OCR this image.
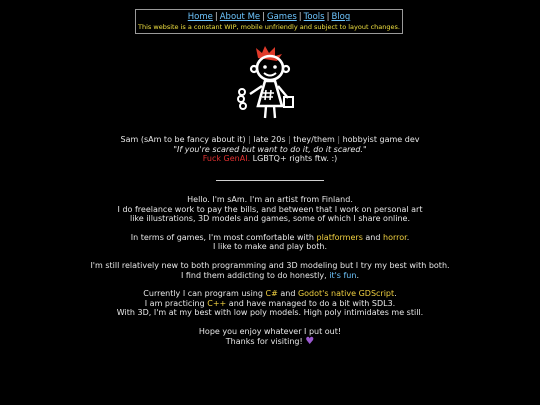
Home | About Me | Games | Tools | Blog
This website is a constant WIP, mobile unfriendly and subject to layout changes.
Sam (sAm to be fancy about it) | late 20s | they/them | hobbyist game dev
"If you're scared but want to do it, do it scared."
Fuck GenAI. LGBTQ+ rights ftw. :)

Hello. I'm sAm. I'm an artist from Finland.
I do freelance work to pay the bills, and between that I work on personal art
like illustrations, 3D models and games, some of which I share online.

In terms of games, I'm most comfortable with platformers and horror.
I like to make and play both.

I'm still relatively new to both programming and 3D modeling but I try my best with both.
I find them addicting to do honestly, it's fun.

Currently I can program using C# and Godot's native GDScript.
I am practicing C++ and have managed to do a bit with SDL3.
With 3D, I'm at my best with low poly models. High poly intimidates me still.

Hope you enjoy whatever I put out!
Thanks for visiting! ♥
